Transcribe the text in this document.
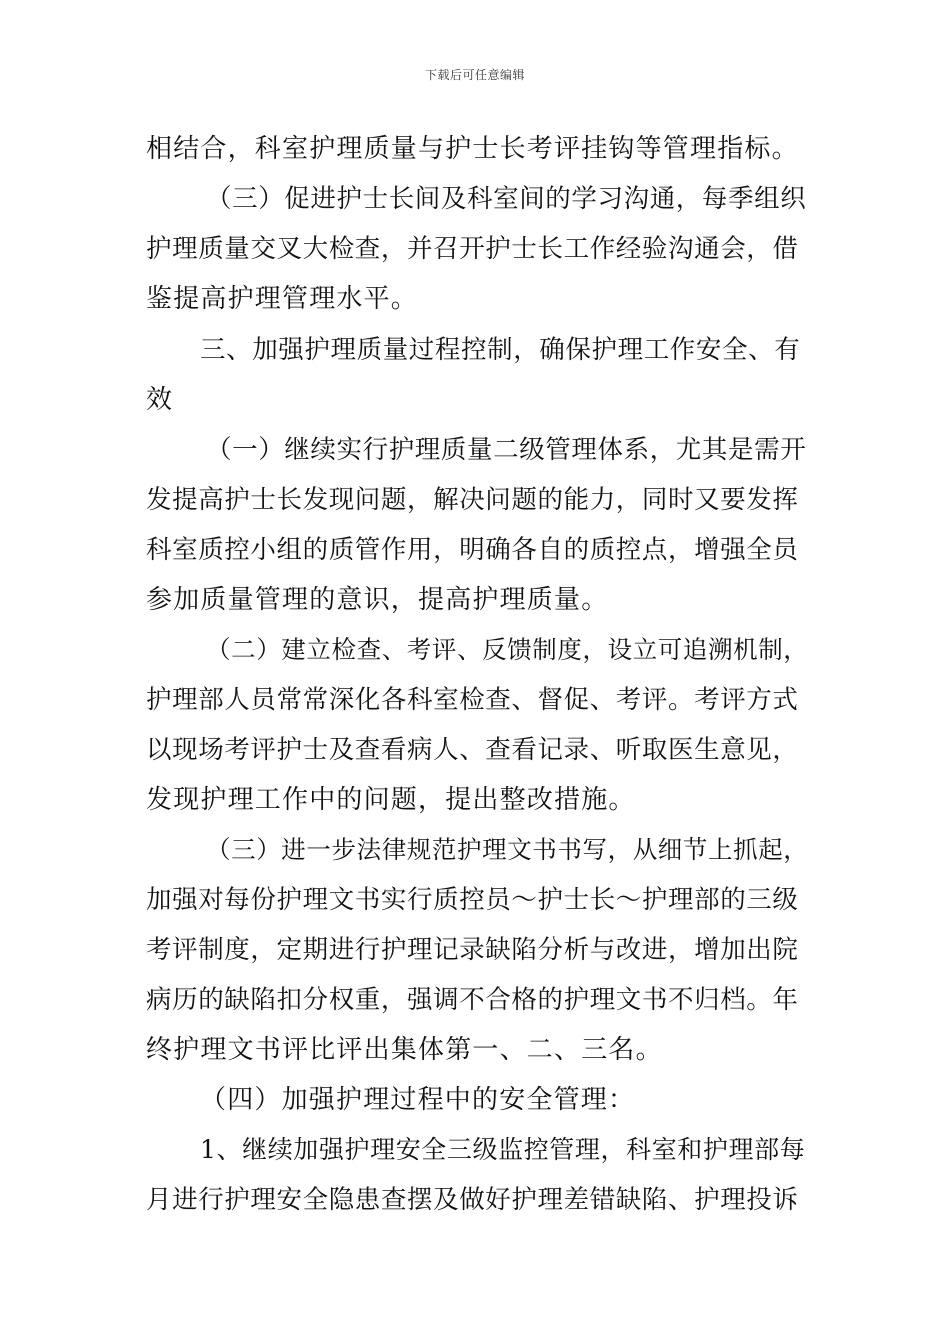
下载后可任意编辑
相结合，科室护理质量与护士长考评挂钩等管理指标。
（三）促进护士长间及科室间的学习沟通，每季组织
护理质量交叉大检查，并召开护士长工作经验沟通会，借
鉴提高护理管理水平。
三、加强护理质量过程控制，确保护理工作安全、有
效
（一）继续实行护理质量二级管理体系，尤其是需开
发提高护士长发现问题，解决问题的能力，同时又要发挥
科室质控小组的质管作用，明确各自的质控点，增强全员
参加质量管理的意识，提高护理质量。
（二）建立检查、考评、反馈制度，设立可追溯机制，
护理部人员常常深化各科室检查、督促、考评。考评方式
以现场考评护士及查看病人、查看记录、听取医生意见，
发现护理工作中的问题，提出整改措施。
（三）进一步法律规范护理文书书写，从细节上抓起，
加强对每份护理文书实行质控员～护士长～护理部的三级
考评制度，定期进行护理记录缺陷分析与改进，增加出院
病历的缺陷扣分权重，强调不合格的护理文书不归档。年
终护理文书评比评出集体第一、二、三名。
（四）加强护理过程中的安全管理：
1、继续加强护理安全三级监控管理，科室和护理部每
月进行护理安全隐患查摆及做好护理差错缺陷、护理投诉
